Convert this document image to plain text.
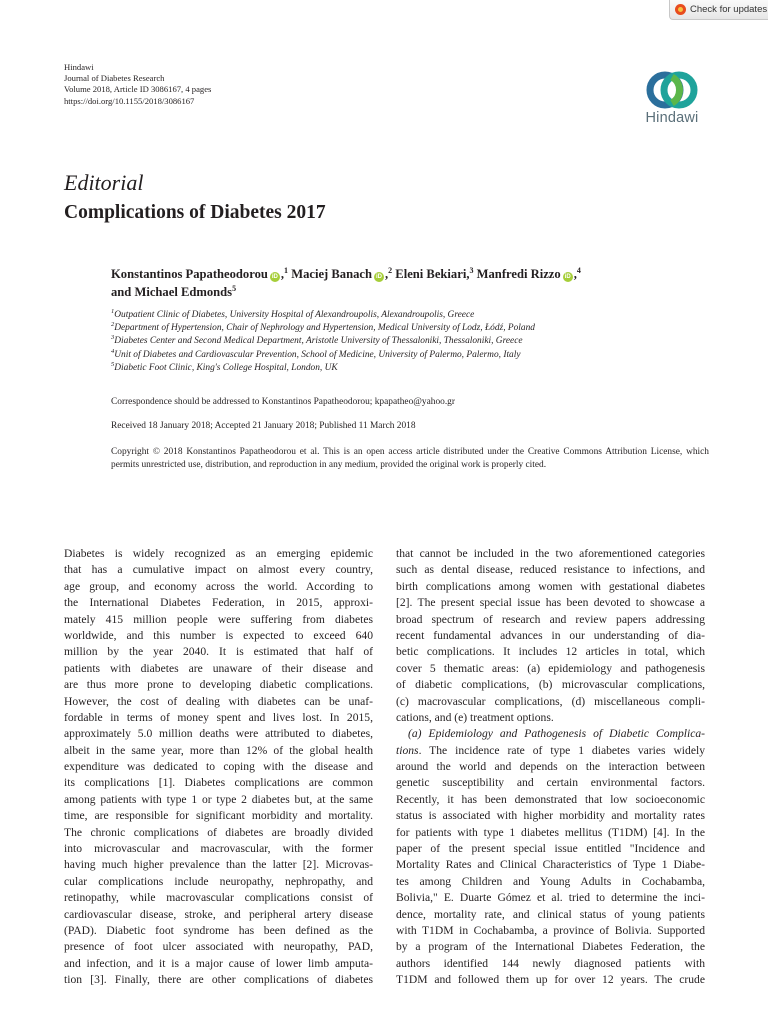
Check for updates
Hindawi
Journal of Diabetes Research
Volume 2018, Article ID 3086167, 4 pages
https://doi.org/10.1155/2018/3086167
Hindawi
Editorial
Complications of Diabetes 2017
Konstantinos Papatheodorou iD ,$^1$ Maciej Banach iD ,$^2$ Eleni Bekiari,$^3$ Manfredi Rizzo iD ,$^4$
and Michael Edmonds$^5$
$^1$Outpatient Clinic of Diabetes, University Hospital of Alexandroupolis, Alexandroupolis, Greece
$^2$Department of Hypertension, Chair of Nephrology and Hypertension, Medical University of Lodz, Łódź, Poland
$^3$Diabetes Center and Second Medical Department, Aristotle University of Thessaloniki, Thessaloniki, Greece
$^4$Unit of Diabetes and Cardiovascular Prevention, School of Medicine, University of Palermo, Palermo, Italy
$^5$Diabetic Foot Clinic, King's College Hospital, London, UK
Correspondence should be addressed to Konstantinos Papatheodorou; kpapatheo@yahoo.gr
Received 18 January 2018; Accepted 21 January 2018; Published 11 March 2018
Copyright © 2018 Konstantinos Papatheodorou et al. This is an open access article distributed under the Creative Commons Attribution License, which permits unrestricted use, distribution, and reproduction in any medium, provided the original work is properly cited.
Diabetes is widely recognized as an emerging epidemic
that has a cumulative impact on almost every country,
age group, and economy across the world. According to
the International Diabetes Federation, in 2015, approxi-
mately 415 million people were suffering from diabetes
worldwide, and this number is expected to exceed 640
million by the year 2040. It is estimated that half of
patients with diabetes are unaware of their disease and
are thus more prone to developing diabetic complications.
However, the cost of dealing with diabetes can be unaf-
fordable in terms of money spent and lives lost. In 2015,
approximately 5.0 million deaths were attributed to diabetes,
albeit in the same year, more than 12% of the global health
expenditure was dedicated to coping with the disease and
its complications [1]. Diabetes complications are common
among patients with type 1 or type 2 diabetes but, at the same
time, are responsible for significant morbidity and mortality.
The chronic complications of diabetes are broadly divided
into microvascular and macrovascular, with the former
having much higher prevalence than the latter [2]. Microvas-
cular complications include neuropathy, nephropathy, and
retinopathy, while macrovascular complications consist of
cardiovascular disease, stroke, and peripheral artery disease
(PAD). Diabetic foot syndrome has been defined as the
presence of foot ulcer associated with neuropathy, PAD,
and infection, and it is a major cause of lower limb amputa-
tion [3]. Finally, there are other complications of diabetes
that cannot be included in the two aforementioned categories
such as dental disease, reduced resistance to infections, and
birth complications among women with gestational diabetes
[2]. The present special issue has been devoted to showcase a
broad spectrum of research and review papers addressing
recent fundamental advances in our understanding of dia-
betic complications. It includes 12 articles in total, which
cover 5 thematic areas: (a) epidemiology and pathogenesis
of diabetic complications, (b) microvascular complications,
(c) macrovascular complications, (d) miscellaneous compli-
cations, and (e) treatment options.
(a) Epidemiology and Pathogenesis of Diabetic Complica-
tions. The incidence rate of type 1 diabetes varies widely
around the world and depends on the interaction between
genetic susceptibility and certain environmental factors.
Recently, it has been demonstrated that low socioeconomic
status is associated with higher morbidity and mortality rates
for patients with type 1 diabetes mellitus (T1DM) [4]. In the
paper of the present special issue entitled "Incidence and
Mortality Rates and Clinical Characteristics of Type 1 Diabe-
tes among Children and Young Adults in Cochabamba,
Bolivia," E. Duarte Gómez et al. tried to determine the inci-
dence, mortality rate, and clinical status of young patients
with T1DM in Cochabamba, a province of Bolivia. Supported
by a program of the International Diabetes Federation, the
authors identified 144 newly diagnosed patients with
T1DM and followed them up for over 12 years. The crude
